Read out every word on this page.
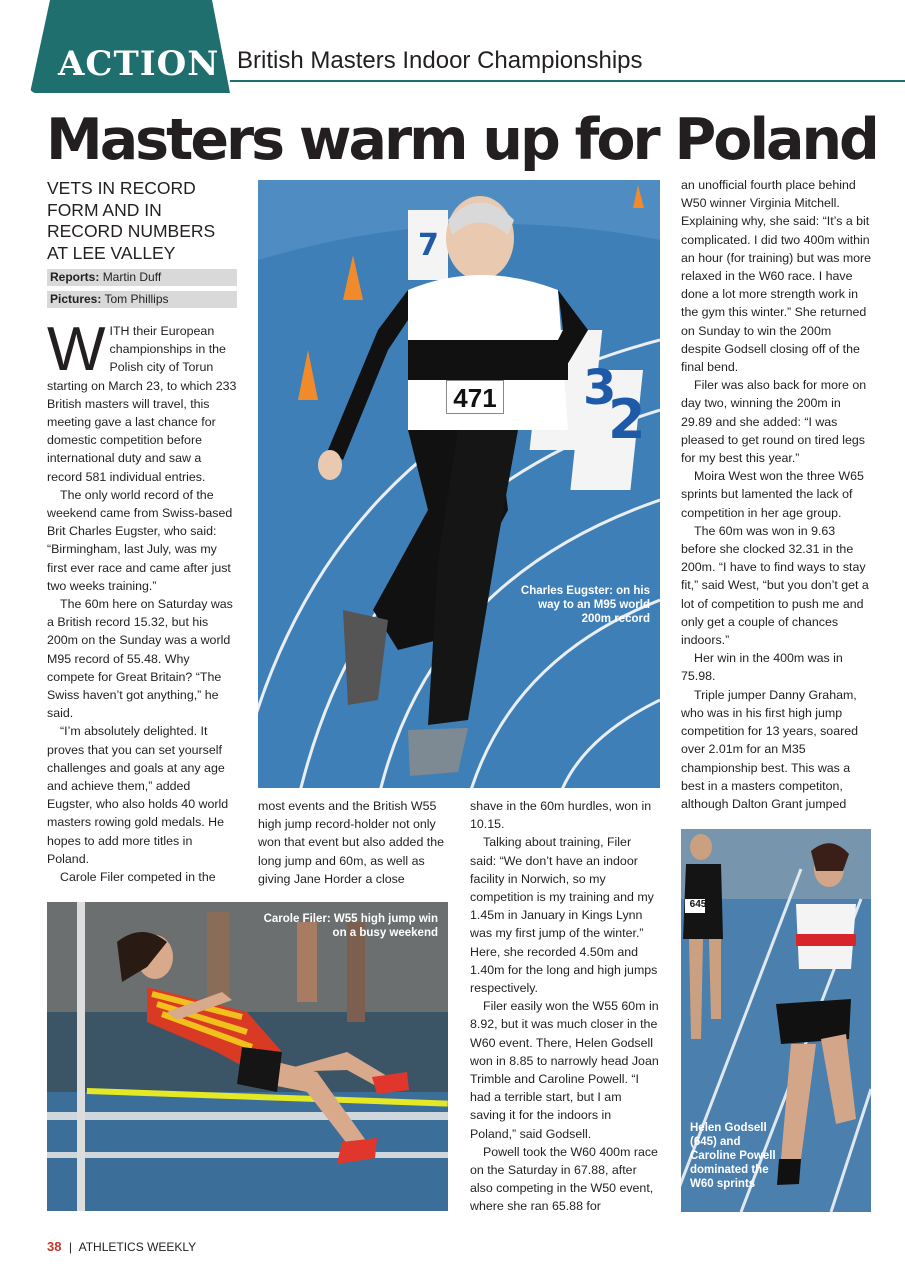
ACTION British Masters Indoor Championships
Masters warm up for Poland
VETS IN RECORD FORM AND IN RECORD NUMBERS AT LEE VALLEY
Reports: Martin Duff
Pictures: Tom Phillips

WITH their European championships in the Polish city of Torun starting on March 23, to which 233 British masters will travel, this meeting gave a last chance for domestic competition before international duty and saw a record 581 individual entries.

The only world record of the weekend came from Swiss-based Brit Charles Eugster, who said: “Birmingham, last July, was my first ever race and came after just two weeks training.”

The 60m here on Saturday was a British record 15.32, but his 200m on the Sunday was a world M95 record of 55.48. Why compete for Great Britain? “The Swiss haven’t got anything,” he said.

“I’m absolutely delighted. It proves that you can set yourself challenges and goals at any age and achieve them,” added Eugster, who also holds 40 world masters rowing gold medals. He hopes to add more titles in Poland.

Carole Filer competed in the

3
2
7
VAC
471
Charles Eugster: on his way to an M95 world 200m record

most events and the British W55 high jump record-holder not only won that event but also added the long jump and 60m, as well as giving Jane Horder a close

shave in the 60m hurdles, won in 10.15.

Talking about training, Filer said: “We don’t have an indoor facility in Norwich, so my competition is my training and my 1.45m in January in Kings Lynn was my first jump of the winter.” Here, she recorded 4.50m and 1.40m for the long and high jumps respectively.

Filer easily won the W55 60m in 8.92, but it was much closer in the W60 event. There, Helen Godsell won in 8.85 to narrowly head Joan Trimble and Caroline Powell. “I had a terrible start, but I am saving it for the indoors in Poland,” said Godsell.

Powell took the W60 400m race on the Saturday in 67.88, after also competing in the W50 event, where she ran 65.88 for

an unofficial fourth place behind W50 winner Virginia Mitchell. Explaining why, she said: “It’s a bit complicated. I did two 400m within an hour (for training) but was more relaxed in the W60 race. I have done a lot more strength work in the gym this winter.” She returned on Sunday to win the 200m despite Godsell closing off of the final bend.

Filer was also back for more on day two, winning the 200m in 29.89 and she added: “I was pleased to get round on tired legs for my best this year.”

Moira West won the three W65 sprints but lamented the lack of competition in her age group.

The 60m was won in 9.63 before she clocked 32.31 in the 200m. “I have to find ways to stay fit,” said West, “but you don’t get a lot of competition to push me and only get a couple of chances indoors.”

Her win in the 400m was in 75.98.

Triple jumper Danny Graham, who was in his first high jump competition for 13 years, soared over 2.01m for an M35 championship best. This was a best in a masters competiton, although Dalton Grant jumped

Carole Filer: W55 high jump win on a busy weekend
645
Helen Godsell (645) and Caroline Powell dominated the W60 sprints
38 | ATHLETICS WEEKLY
